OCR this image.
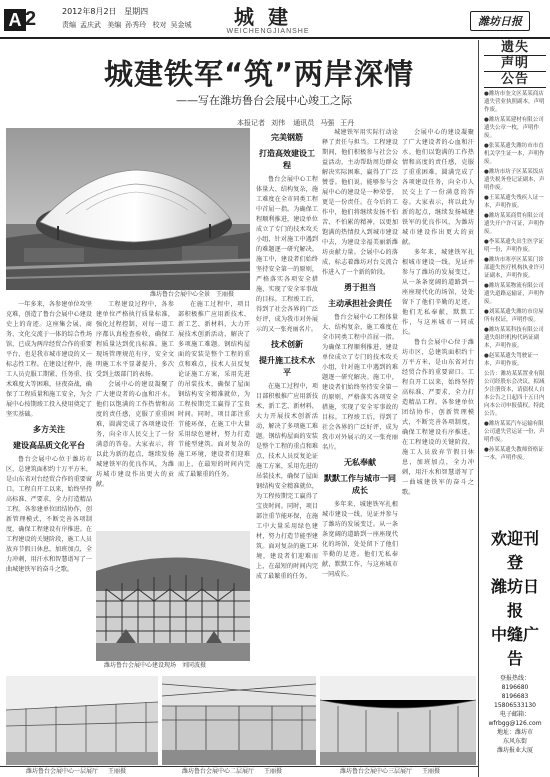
A 2	2012年8月2日 星期四
责编 孟庆武 美编 孙秀玲 校对 吴金城	城建
WEICHENGJIANSHE
潍坊日报
城建铁军“筑”两岸深情
——写在潍坊鲁台会展中心竣工之际
本报记者 刘伟 通讯员 马强 王丹
潍坊鲁台会展中心全景 王丽摄

一年多来，各参建单位攻坚克难，创造了鲁台会展中心建设史上的奇迹。这座集会展、商务、文化交流于一体的综合性场馆，已成为两岸经贸合作的重要平台，也是我市城市建设的又一标志性工程。在建设过程中，施工人员克服工期紧、任务重、技术难度大等困难，昼夜奋战，确保了工程质量和施工安全，为会展中心按期竣工投入使用奠定了坚实基础。

多方关注
建设高品质文化平台

鲁台会展中心位于潍坊市区，总建筑面积约十万平方米，是山东省对台经贸合作的重要窗口。工程自开工以来，始终坚持高标准、严要求，全力打造精品工程。各参建单位团结协作，创新管理模式，不断完善各项制度，确保工程建设有序推进。在工程建设的关键阶段，施工人员放弃节假日休息，加班加点，全力冲刺，用汗水和智慧谱写了一曲城建铁军的奋斗之歌。

工程建设过程中，各参建单位严格执行质量标准，强化过程控制，对每一道工序都认真检查验收，确保工程质量达到优良标准。施工现场管理规范有序，安全文明施工水平显著提升，多次受到上级部门的表扬。

会展中心的建设凝聚了广大建设者的心血和汗水。他们以饱满的工作热情和高度的责任感，克服了重重困难，圆满完成了各项建设任务，向全市人民交上了一份满意的答卷。大家表示，将以此为新的起点，继续发扬城建铁军的优良作风，为潍坊城市建设作出更大的贡献。

在施工过程中，项目部积极推广应用新技术、新工艺、新材料，大力开展技术创新活动，解决了多项施工难题。钢结构屋面的安装是整个工程的重点和难点，技术人员反复论证施工方案，采用先进的吊装技术，确保了屋面钢结构安全精准就位，为工程按期完工赢得了宝贵时间。同时，项目部注重节能环保，在施工中大量采用绿色建材，努力打造节能型建筑。面对复杂的施工环境，建设者们迎难而上，在最短的时间内完成了最繁重的任务。

潍坊鲁台会展中心建设现场 刘同波摄
完美钢筋
打造高效建设工程

鲁台会展中心工程体量大、结构复杂，施工难度在全市同类工程中首屈一指。为确保工程顺利推进，建设单位成立了专门的技术攻关小组，针对施工中遇到的难题逐一研究解决。施工中，建设者们始终坚持安全第一的原则，严格落实各项安全措施，实现了安全零事故的目标。工程竣工后，得到了社会各界的广泛好评，成为我市对外展示的又一张亮丽名片。

技术创新
提升施工技术水平

在施工过程中，项目部积极推广应用新技术、新工艺、新材料，大力开展技术创新活动，解决了多项施工难题。钢结构屋面的安装是整个工程的重点和难点，技术人员反复论证施工方案，采用先进的吊装技术，确保了屋面钢结构安全精准就位，为工程按期完工赢得了宝贵时间。同时，项目部注重节能环保，在施工中大量采用绿色建材，努力打造节能型建筑。面对复杂的施工环境，建设者们迎难而上，在最短的时间内完成了最繁重的任务。

城建铁军用实际行动诠释了责任与担当。工程建设期间，他们积极参与社会公益活动，主动帮助周边群众解决实际困难，赢得了广泛赞誉。他们说，能够参与会展中心的建设是一种荣誉，更是一份责任。在今后的工作中，他们将继续发扬不怕苦、不怕累的精神，以更加饱满的热情投入到城市建设中去，为建设幸福美丽新潍坊贡献力量。会展中心的落成，标志着潍坊对台交流合作进入了一个新的阶段。

勇于担当
主动承担社会责任

鲁台会展中心工程体量大、结构复杂，施工难度在全市同类工程中首屈一指。为确保工程顺利推进，建设单位成立了专门的技术攻关小组，针对施工中遇到的难题逐一研究解决。施工中，建设者们始终坚持安全第一的原则，严格落实各项安全措施，实现了安全零事故的目标。工程竣工后，得到了社会各界的广泛好评，成为我市对外展示的又一张亮丽名片。

无私奉献
默默工作与城市一同成长

多年来，城建铁军扎根城市建设一线，见证并参与了潍坊的发展变迁。从一条条宽阔的道路到一座座现代化的场馆，处处留下了他们辛勤的足迹。他们无私奉献，默默工作，与这座城市一同成长。

会展中心的建设凝聚了广大建设者的心血和汗水。他们以饱满的工作热情和高度的责任感，克服了重重困难，圆满完成了各项建设任务，向全市人民交上了一份满意的答卷。大家表示，将以此为新的起点，继续发扬城建铁军的优良作风，为潍坊城市建设作出更大的贡献。

多年来，城建铁军扎根城市建设一线，见证并参与了潍坊的发展变迁。从一条条宽阔的道路到一座座现代化的场馆，处处留下了他们辛勤的足迹。他们无私奉献，默默工作，与这座城市一同成长。

鲁台会展中心位于潍坊市区，总建筑面积约十万平方米，是山东省对台经贸合作的重要窗口。工程自开工以来，始终坚持高标准、严要求，全力打造精品工程。各参建单位团结协作，创新管理模式，不断完善各项制度，确保工程建设有序推进。在工程建设的关键阶段，施工人员放弃节假日休息，加班加点，全力冲刺，用汗水和智慧谱写了一曲城建铁军的奋斗之歌。

潍坊鲁台会展中心一层展厅 王丽摄	潍坊鲁台会展中心二层展厅 王丽摄	潍坊鲁台会展中心三层展厅 王丽摄
遗失
声明
公告

●潍坊市奎文区某某商店遗失营业执照副本，声明作废。

●潍坊某某建材有限公司遗失公章一枚，声明作废。

●张某某遗失潍坊市市直机关学生证一本，声明作废。

●潍坊市坊子区某某饭店遗失税务登记证副本，声明作废。

●王某某遗失残疾人证一本，声明作废。

●潍坊某某商贸有限公司遗失开户许可证，声明作废。

●李某某遗失出生医学证明一份，声明作废。

●潍坊市寒亭区某某门诊部遗失医疗机构执业许可证副本，声明作废。

●潍坊某某物流有限公司遗失道路运输证，声明作废。

●刘某某遗失潍坊市房屋所有权证，声明作废。

●潍坊某某科技有限公司遗失组织机构代码证副本，声明作废。

●赵某某遗失驾驶证一本，声明作废。

公告：潍坊某某置业有限公司经股东会决议，拟减少注册资本，请债权人自本公告之日起四十五日内向本公司申报债权。特此公告。

●潍坊某某汽车运输有限公司遗失营运证一份，声明作废。

●孙某某遗失教师资格证一本，声明作废。

欢迎刊登
潍坊日报
中缝广告
登报热线：
8196680
8196683
15806533130
电子邮箱：
wfrbgg@126.com
地址：潍坊市
东风东街
潍坊报业大厦
